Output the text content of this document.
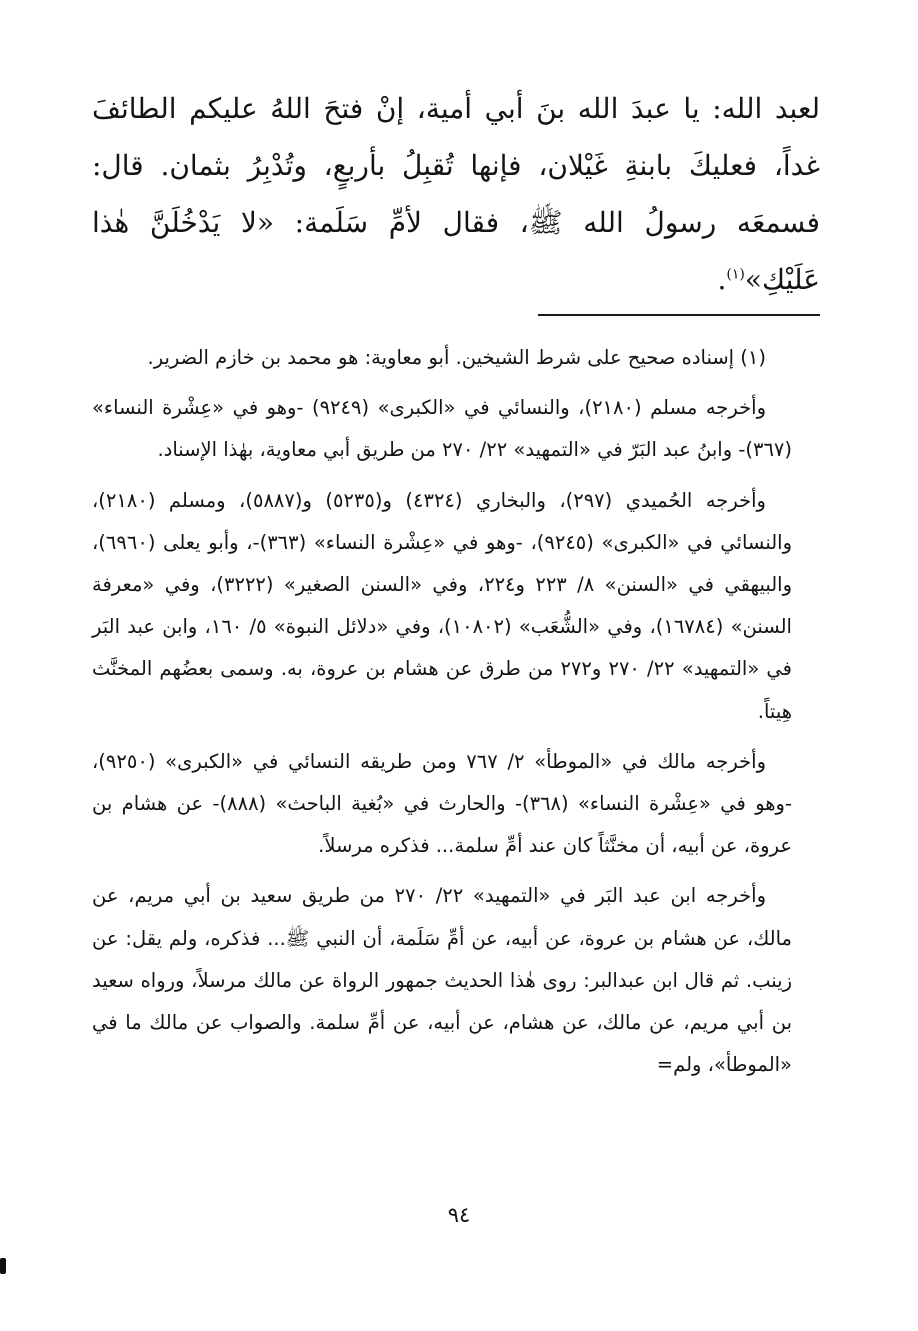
لعبد الله: يا عبدَ الله بنَ أبي أمية، إنْ فتحَ اللهُ عليكم الطائفَ غداً، فعليكَ بابنةِ غَيْلان، فإنها تُقبِلُ بأربعٍ، وتُدْبِرُ بثمان. قال: فسمعَه رسولُ الله ﷺ، فقال لأمِّ سَلَمة: «لا يَدْخُلَنَّ هٰذا عَلَيْكِ»$^{(١)}$.

(١) إسناده صحيح على شرط الشيخين. أبو معاوية: هو محمد بن خازم الضرير.

وأخرجه مسلم (٢١٨٠)، والنسائي في «الكبرى» (٩٢٤٩) -وهو في «عِشْرة النساء» (٣٦٧)- وابنُ عبد البَرّ في «التمهيد» ٢٢/ ٢٧٠ من طريق أبي معاوية، بهٰذا الإسناد.

وأخرجه الحُميدي (٢٩٧)، والبخاري (٤٣٢٤) و(٥٢٣٥) و(٥٨٨٧)، ومسلم (٢١٨٠)، والنسائي في «الكبرى» (٩٢٤٥)، -وهو في «عِشْرة النساء» (٣٦٣)-، وأبو يعلى (٦٩٦٠)، والبيهقي في «السنن» ٨/ ٢٢٣ و٢٢٤، وفي «السنن الصغير» (٣٢٢٢)، وفي «معرفة السنن» (١٦٧٨٤)، وفي «الشُّعَب» (١٠٨٠٢)، وفي «دلائل النبوة» ٥/ ١٦٠، وابن عبد البَر في «التمهيد» ٢٢/ ٢٧٠ و٢٧٢ من طرق عن هشام بن عروة، به. وسمى بعضُهم المخنَّث هِيتاً.

وأخرجه مالك في «الموطأ» ٢/ ٧٦٧ ومن طريقه النسائي في «الكبرى» (٩٢٥٠)، -وهو في «عِشْرة النساء» (٣٦٨)- والحارث في «بُغية الباحث» (٨٨٨)- عن هشام بن عروة، عن أبيه، أن مخنَّثاً كان عند أمِّ سلمة... فذكره مرسلاً.

وأخرجه ابن عبد البَر في «التمهيد» ٢٢/ ٢٧٠ من طريق سعيد بن أبي مريم، عن مالك، عن هشام بن عروة، عن أبيه، عن أمِّ سَلَمة، أن النبي ﷺ... فذكره، ولم يقل: عن زينب. ثم قال ابن عبدالبر: روى هٰذا الحديث جمهور الرواة عن مالك مرسلاً، ورواه سعيد بن أبي مريم، عن مالك، عن هشام، عن أبيه، عن أمِّ سلمة. والصواب عن مالك ما في «الموطأ»، ولم=

٩٤
